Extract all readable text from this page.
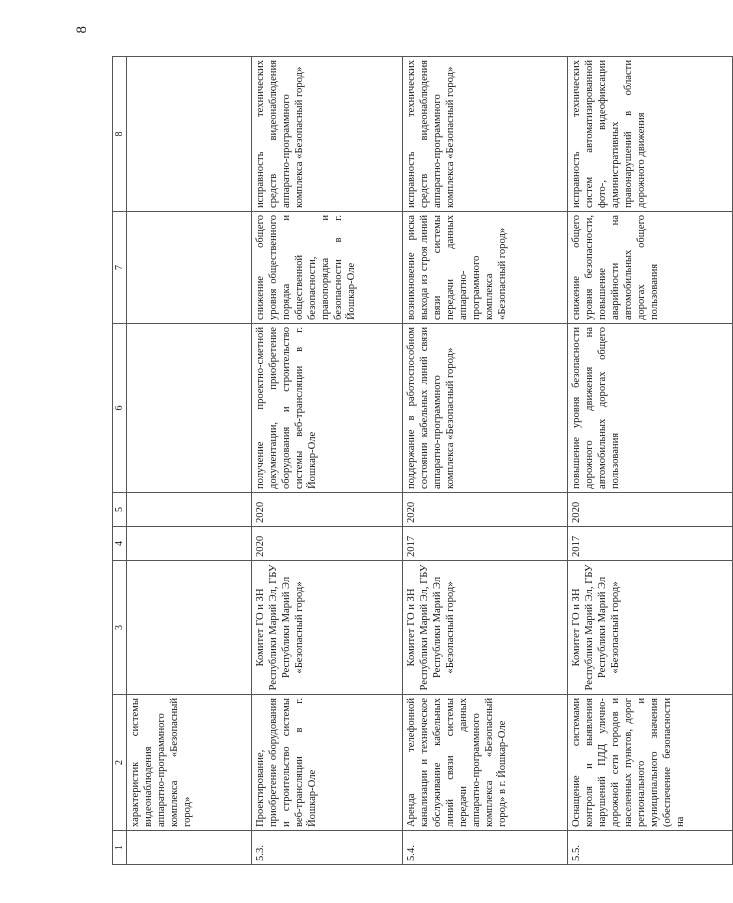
8
1	2	3	4	5	6	7	8
	характеристик системы видеонаблюдения аппаратно-программного комплекса «Безопасный город»						
5.3.	Проектирование, приобретение оборудования и строительство системы веб-трансляции в г. Йошкар-Оле	Комитет ГО и ЗН Республики Марий Эл, ГБУ Республики Марий Эл «Безопасный город»	2020	2020	получение проектно-сметной документации, приобретение оборудования и строительство системы веб-трансляции в г. Йошкар-Оле	снижение общего уровня общественного порядка и общественной безопасности, правопорядка и безопасности в г. Йошкар-Оле	исправность технических средств видеонаблюдения аппаратно-программного комплекса «Безопасный город»
5.4.	Аренда телефонной канализации и техническое обслуживание кабельных линий связи системы передачи данных аппаратно-программного комплекса «Безопасный город» в г. Йошкар-Оле	Комитет ГО и ЗН Республики Марий Эл, ГБУ Республики Марий Эл «Безопасный город»	2017	2020	поддержание в работоспособном состоянии кабельных линий связи аппаратно-программного комплекса «Безопасный город»	возникновение риска выхода из строя линий связи системы передачи данных аппаратно-программного комплекса «Безопасный город»	исправность технических средств видеонаблюдения аппаратно-программного комплекса «Безопасный город»
5.5.	Оснащение системами контроля и выявления нарушений ПДД улично-дорожной сети городов и населенных пунктов, дорог регионального и муниципального значения (обеспечение безопасности на	Комитет ГО и ЗН Республики Марий Эл, ГБУ Республики Марий Эл «Безопасный город»	2017	2020	повышение уровня безопасности дорожного движения на автомобильных дорогах общего пользования	снижение общего уровня безопасности, повышение аварийности на автомобильных дорогах общего пользования	исправность технических систем автоматизированной фото-, видеофиксации административных правонарушений в области дорожного движения
